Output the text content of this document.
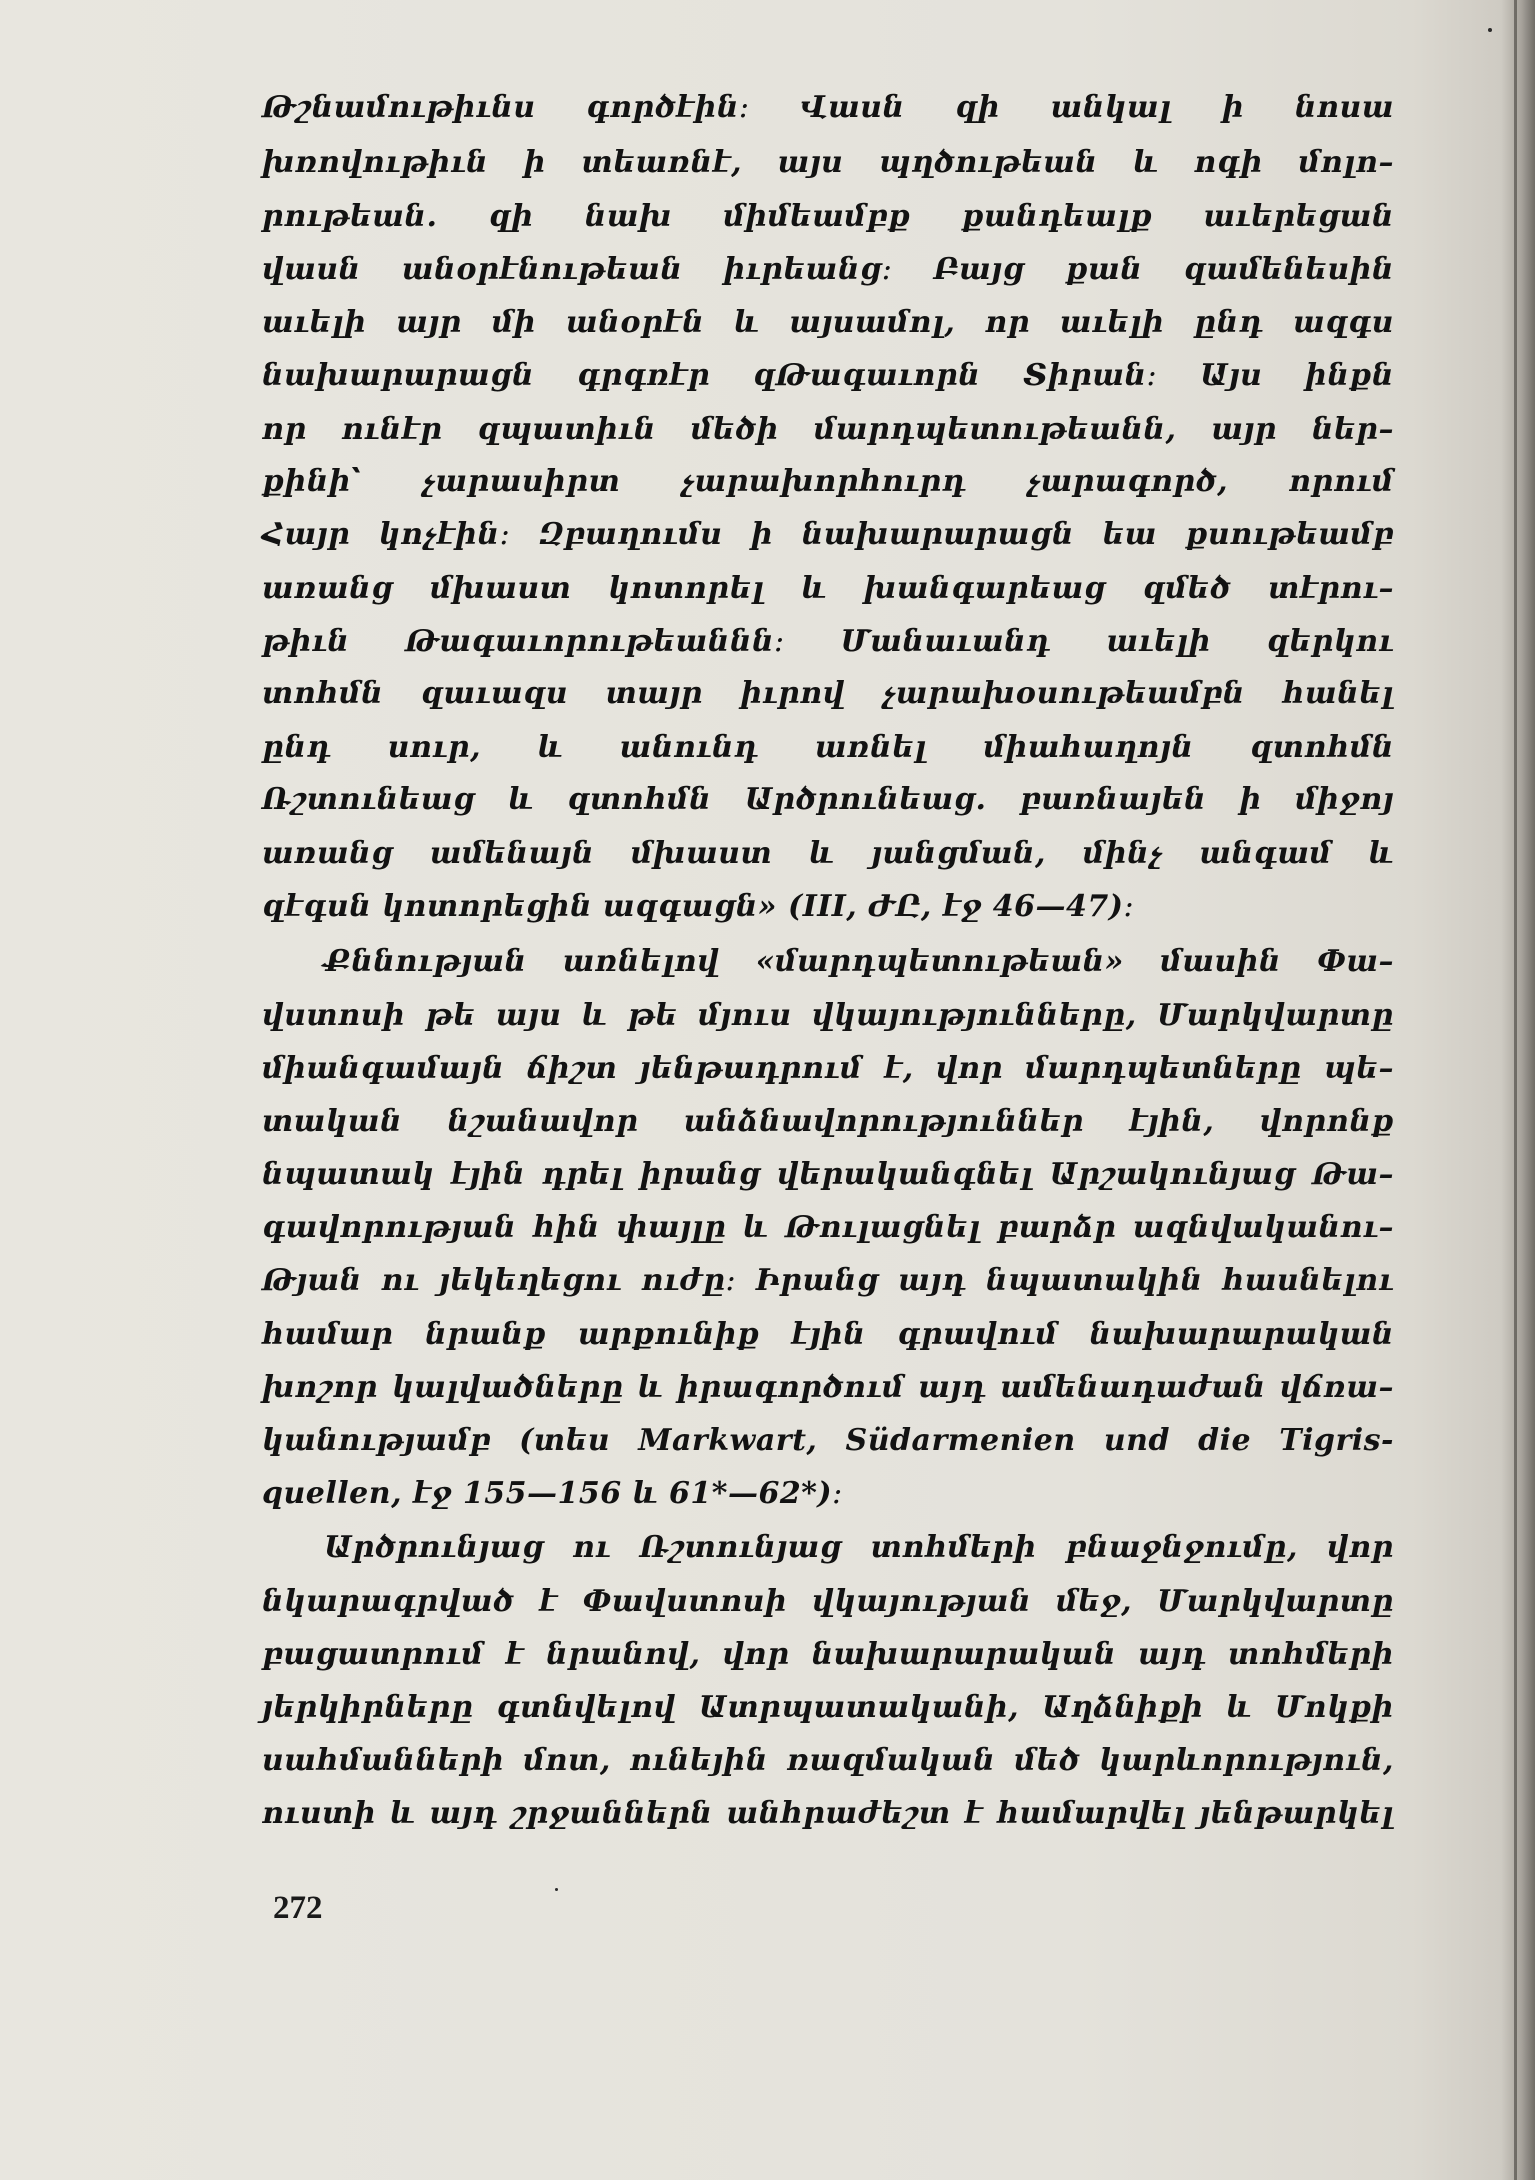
Թշնամութիւնս գործէին։ Վասն զի անկալ ի նոսա
խռովութիւն ի տեառնէ, այս պղծութեան և ոգի մոլո–
րութեան. զի նախ միմեամբք քանդեալք աւերեցան
վասն անօրէնութեան իւրեանց։ Բայց քան զամենեսին
աւելի այր մի անօրէն և այսամոլ, որ աւելի ընդ ազգս
նախարարացն գրգռէր զԹագաւորն Տիրան։ Այս ինքն
որ ունէր զպատիւն մեծի մարդպետութեանն, այր ներ–
քինի՝ չարասիրտ չարախորհուրդ չարագործ, որում
Հայր կոչէին։ Զբաղումս ի նախարարացն եա քսութեամբ
առանց մխաստ կոտորել և խանգարեաց զմեծ տէրու–
թիւն Թագաւորութեաննն։ Մանաւանդ աւելի զերկու
տոհմն զաւազս տայր իւրով չարախօսութեամբն հանել
ընդ սուր, և անունդ առնել միահաղոյն զտոհմն
Ռշտունեաց և զտոհմն Արծրունեաց. բառնայեն ի միջոյ
առանց ամենայն մխաստ և յանցման, մինչ անգամ և
զէգսն կոտորեցին ազգացն» (III, ԺԸ, էջ 46—47)։
Քննության առնելով «մարդպետութեան» մասին Փա–
վստոսի թե այս և թե մյուս վկայությունները, Մարկվարտը
միանգամայն ճիշտ յենթադրում է, վոր մարդպետները պե–
տական նշանավոր անձնավորություններ էյին, վորոնք
նպատակ էյին դրել իրանց վերականգնել Արշակունյաց Թա–
գավորության հին փայլը և Թուլացնել բարձր ազնվականու–
Թյան ու յեկեղեցու ուժը։ Իրանց այդ նպատակին հասնելու
համար նրանք արքունիք էյին գրավում նախարարական
խոշոր կալվածները և իրագործում այդ ամենադաժան վճռա–
կանությամբ (տես Markwart, Südarmenien und die Tigris-
quellen, էջ 155—156 և 61*—62*)։
Արծրունյաց ու Ռշտունյաց տոհմերի բնաջնջումը, վոր
նկարագրված է Փավստոսի վկայության մեջ, Մարկվարտը
բացատրում է նրանով, վոր նախարարական այդ տոհմերի
յերկիրները գտնվելով Ատրպատականի, Աղձնիքի և Մոկքի
սահմանների մոտ, ունեյին ռազմական մեծ կարևորություն,
ուստի և այդ շրջաններն անհրաժեշտ է համարվել յենթարկել
272
